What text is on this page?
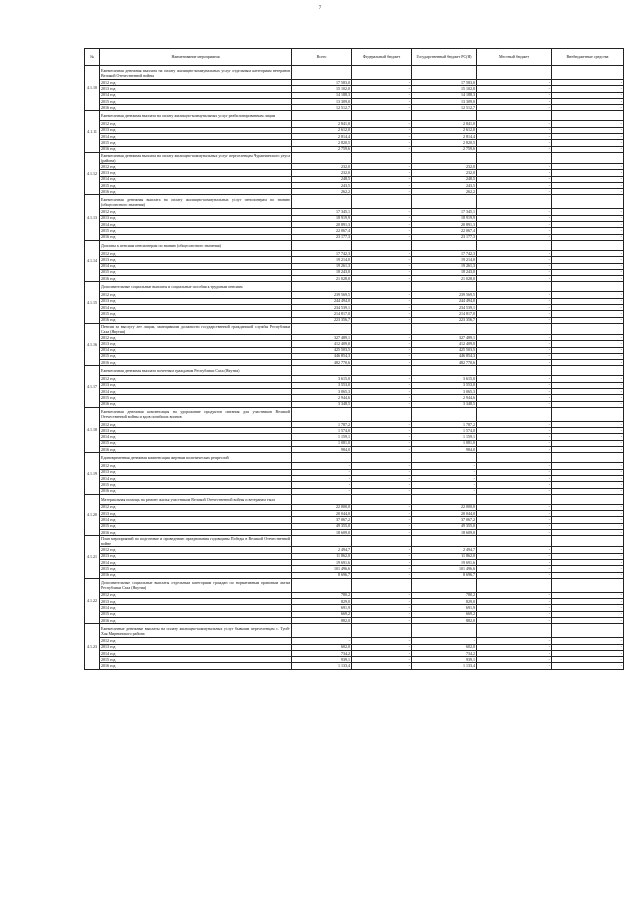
7
№	Наименование мероприятия	Всего	Федеральный бюджет	Государственный бюджет РС(Я)	Местный бюджет	Внебюджетные средства
4.1.10	Ежемесячная денежная выплата на оплату жилищно-коммунальных услуг отдельным категориям ветеранов Великой Отечественной войны					
	2012 год	17 583,0	-	17 583,0	-	-
	2013 год	15 102,0	-	15 102,0	-	-
	2014 год	14 188,3	-	14 188,3	-	-
	2015 год	13 309,0	-	13 309,0	-	-
	2016 год	12 512,7	-	12 512,7	-	-
4.1.11	Ежемесячная денежная выплата на оплату жилищно-коммунальных услуг реабилитированным лицам					
	2012 год	2 841,0	-	2 841,0	-	-
	2013 год	2 612,0	-	2 612,0	-	-
	2014 год	2 814,4	-	2 814,4	-	-
	2015 год	2 820,5	-	2 820,5	-	-
	2016 год	2 759,6	-	2 759,6	-	-
4.1.12	Ежемесячная денежная выплата на оплату жилищно-коммунальных услуг переселенцам Чурапчинского улуса (района)					
	2012 год	232,0	-	232,0	-	-
	2013 год	232,0	-	232,0	-	-
	2014 год	248,5	-	248,5	-	-
	2015 год	243,5	-	243,5	-	-
	2016 год	262,2	-	262,2	-	-
4.1.13	Ежемесячная денежная выплата на оплату жилищно-коммунальных услуг пенсионерам по званию (общесоюзного значения)					
	2012 год	17 345,1	-	17 345,1	-	-
	2013 год	18 919,9	-	18 919,9	-	-
	2014 год	20 891,3	-	20 891,3	-	-
	2015 год	22 067,4	-	22 067,4	-	-
	2016 год	23 177,3	-	23 177,3	-	-
4.1.14	Доплаты к пенсиям пенсионерам по званию (общесоюзного значения)					
	2012 год	17 742,3	-	17 742,3	-	-
	2013 год	19 214,0	-	19 214,0	-	-
	2014 год	19 261,3	-	19 261,3	-	-
	2015 год	18 243,0	-	18 243,0	-	-
	2016 год	21 028,0	-	21 028,0	-	-
4.1.15	Дополнительные социальные выплаты и социальные пособия к трудовым пенсиям					
	2012 год	239 569,5	-	239 569,5	-	-
	2013 год	244 494,0	-	244 494,0	-	-
	2014 год	234 539,1	-	234 539,1	-	-
	2015 год	214 817,0	-	214 817,0	-	-
	2016 год	223 356,7	-	223 356,7	-	-
4.1.16	Пенсии за выслугу лет лицам, замещавшим должности государственной гражданской службы Республики Саха (Якутия)					
	2012 год	327 489,1	-	327 489,1	-	-
	2013 год	412 409,0	-	412 409,0	-	-
	2014 год	425 503,5	-	425 503,5	-	-
	2015 год	446 854,3	-	446 854,3	-	-
	2016 год	482 770,6	-	482 770,6	-	-
4.1.17	Ежемесячная денежная выплата почетным гражданам Республики Саха (Якутия)					
	2012 год	3 615,0	-	3 615,0	-	-
	2013 год	3 553,0	-	3 553,0	-	-
	2014 год	3 065,3	-	3 065,3	-	-
	2015 год	2 944,6	-	2 944,6	-	-
	2016 год	3 348,5	-	3 348,5	-	-
4.1.18	Ежемесячная денежная компенсация на удорожание продуктов питания для участников Великой Отечественной войны и вдов погибших воинов					
	2012 год	1 787,2	-	1 787,2	-	-
	2013 год	1 574,0	-	1 574,0	-	-
	2014 год	1 159,1	-	1 159,1	-	-
	2015 год	1 081,0	-	1 081,0	-	-
	2016 год	984,0	-	984,0	-	-
4.1.19	Единовременная денежная компенсация жертвам политических репрессий					
	2012 год	-	-	-	-	-
	2013 год	-	-	-	-	-
	2014 год	-	-	-	-	-
	2015 год	-	-	-	-	-
	2016 год	-	-	-	-	-
4.1.20	Материальная помощь на ремонт жилья участникам Великой Отечественной войны и ветеранам тыла					
	2012 год	22 000,0	-	22 000,0	-	-
	2013 год	20 044,0	-	20 044,0	-	-
	2014 год	37 067,2	-	37 067,2	-	-
	2015 год	49 355,0	-	49 355,0	-	-
	2016 год	18 609,0	-	18 609,0	-	-
4.1.21	План мероприятий по подготовке и проведению празднования годовщины Победы в Великой Отечественной войне					
	2012 год	2 494,7	-	2 494,7	-	-
	2013 год	11 862,0	-	11 862,0	-	-
	2014 год	19 691,6	-	19 691,6	-	-
	2015 год	101 496,6	-	101 496,6	-	-
	2016 год	8 696,7	-	8 696,7	-	-
4.1.22	Дополнительные социальные выплаты отдельным категориям граждан по нормативным правовым актам Республики Саха (Якутия)					
	2012 год	780,2	-	780,2	-	-
	2013 год	829,0	-	829,0	-	-
	2014 год	691,9	-	691,9	-	-
	2015 год	669,2	-	669,2	-	-
	2016 год	882,0	-	882,0	-	-
4.1.23	Ежемесячные денежные выплаты на оплату жилищно-коммунальных услуг бывшим переселенцам с. Туой-Хая Мирнинского района					
	2012 год	-	-	-	-	-
	2013 год	602,0	-	602,0	-	-
	2014 год	734,2	-	734,2	-	-
	2015 год	939,1	-	939,1	-	-
	2016 год	1 133,4	-	1 133,4	-	-
